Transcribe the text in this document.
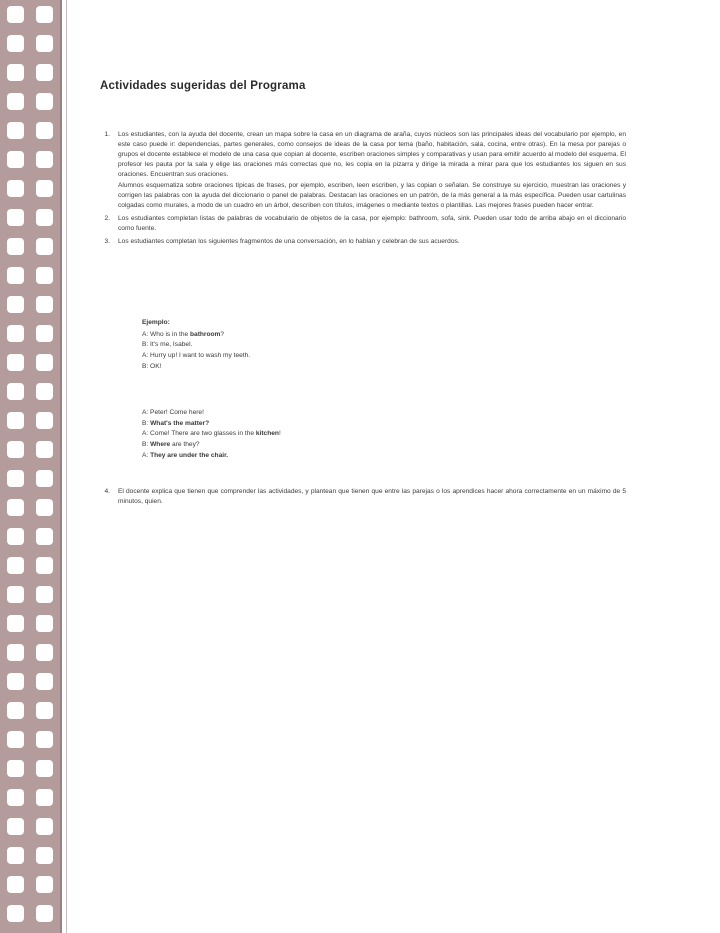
Actividades sugeridas del Programa
1.	Los estudiantes, con la ayuda del docente, crean un mapa sobre la casa en un diagrama de araña, cuyos núcleos son las principales ideas del vocabulario por ejemplo, en este caso puede ir: dependencias, partes generales, como consejos de ideas de la casa por tema (baño, habitación, sala, cocina, entre otras). En la mesa por parejas o grupos el docente establece el modelo de una casa que copian al docente, escriben oraciones simples y comparativas y usan para emitir acuerdo al modelo del esquema. El profesor les pauta por la sala y elige las oraciones más correctas que no, les copia en la pizarra y dirige la mirada a mirar para que los estudiantes los siguen en sus oraciones. Encuentran sus oraciones.

Alumnos esquematiza sobre oraciones típicas de frases, por ejemplo, escriben, leen escriben, y las copian o señalan. Se construye su ejercicio, muestran las oraciones y corrigen las palabras con la ayuda del diccionario o panel de palabras. Destacan las oraciones en un patrón, de la más general a la más específica. Pueden usar cartulinas colgadas como murales, a modo de un cuadro en un árbol, describen con títulos, imágenes o mediante textos o plantillas. Las mejores frases pueden hacer entrar.

2.	Los estudiantes completan listas de palabras de vocabulario de objetos de la casa, por ejemplo: bathroom, sofa, sink. Pueden usar todo de arriba abajo en el diccionario como fuente.

3.	Los estudiantes completan los siguientes fragmentos de una conversación, en lo hablan y celebran de sus acuerdos.

Ejemplo:
A: Who is in the bathroom?
B: It's me, Isabel.
A: Hurry up! I want to wash my teeth.
B: OK!
A: Peter! Come here!
B: What's the matter?
A: Come! There are two glasses in the kitchen!
B: Where are they?
A: They are under the chair.
4.	El docente explica que tienen que comprender las actividades, y plantean que tienen que entre las parejas o los aprendices hacer ahora correctamente en un máximo de 5 minutos, quien.
